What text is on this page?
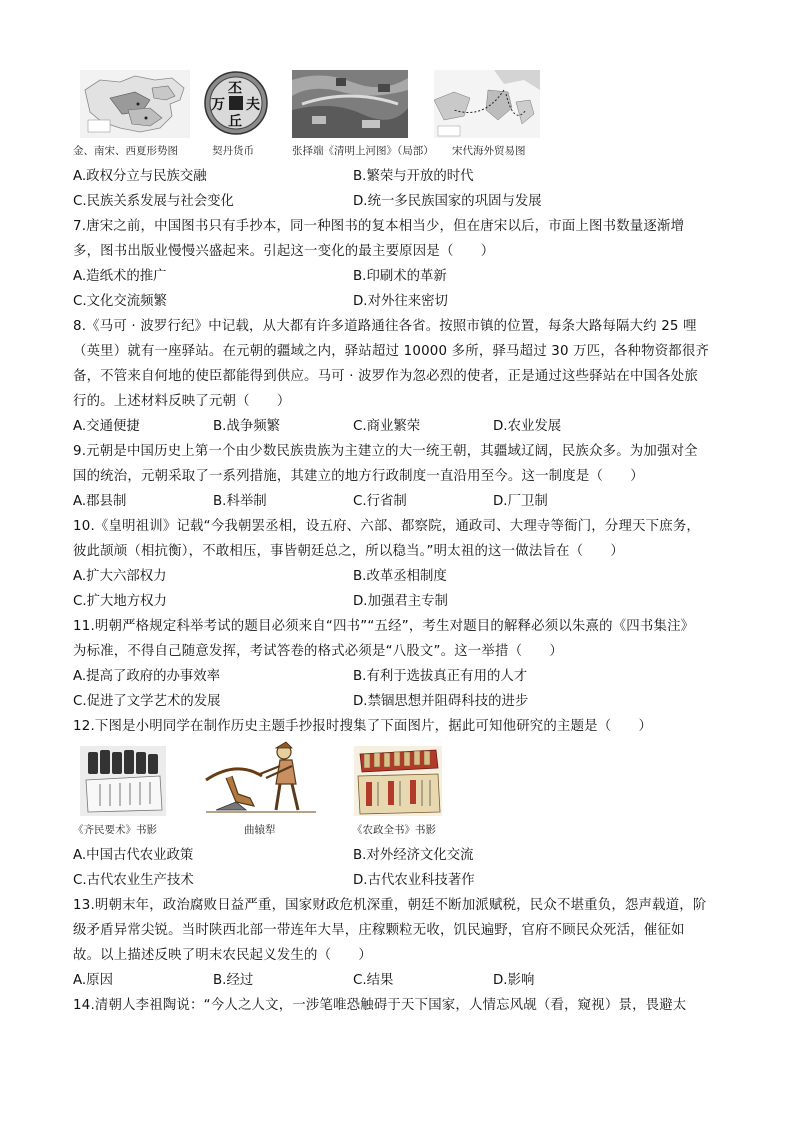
金、南宋、西夏形势图
丕
夫
万
丘
契丹货币	张择端《清明上河图》（局部） 宋代海外贸易图
A.政权分立与民族交融	B.繁荣与开放的时代
C.民族关系发展与社会变化	D.统一多民族国家的巩固与发展
7.唐宋之前，中国图书只有手抄本，同一种图书的复本相当少，但在唐宋以后，市面上图书数量逐渐增
多，图书出版业慢慢兴盛起来。引起这一变化的最主要原因是（　　）
A.造纸术的推广	B.印刷术的革新
C.文化交流频繁	D.对外往来密切
8.《马可 · 波罗行纪》中记载，从大都有许多道路通往各省。按照市镇的位置，每条大路每隔大约 25 哩
（英里）就有一座驿站。在元朝的疆域之内，驿站超过 10000 多所，驿马超过 30 万匹，各种物资都很齐
备，不管来自何地的使臣都能得到供应。马可 · 波罗作为忽必烈的使者，正是通过这些驿站在中国各处旅
行的。上述材料反映了元朝（　　）
A.交通便捷	B.战争频繁	C.商业繁荣	D.农业发展
9.元朝是中国历史上第一个由少数民族贵族为主建立的大一统王朝，其疆域辽阔，民族众多。为加强对全
国的统治，元朝采取了一系列措施，其建立的地方行政制度一直沿用至今。这一制度是（　　）
A.郡县制	B.科举制	C.行省制	D.厂卫制
10.《皇明祖训》记载“今我朝罢丞相，设五府、六部、都察院，通政司、大理寺等衙门，分理天下庶务，
彼此颉颃（相抗衡），不敢相压，事皆朝廷总之，所以稳当。”明太祖的这一做法旨在（　　）
A.扩大六部权力	B.改革丞相制度
C.扩大地方权力	D.加强君主专制
11.明朝严格规定科举考试的题目必须来自“四书”“五经”，考生对题目的解释必须以朱熹的《四书集注》
为标准，不得自己随意发挥，考试答卷的格式必须是“八股文”。这一举措（　　）
A.提高了政府的办事效率	B.有利于选拔真正有用的人才
C.促进了文学艺术的发展	D.禁锢思想并阻碍科技的进步
12.下图是小明同学在制作历史主题手抄报时搜集了下面图片，据此可知他研究的主题是（　　）
《齐民要术》书影	曲辕犁	《农政全书》书影
A.中国古代农业政策	B.对外经济文化交流
C.古代农业生产技术	D.古代农业科技著作
13.明朝末年，政治腐败日益严重，国家财政危机深重，朝廷不断加派赋税，民众不堪重负，怨声载道，阶
级矛盾异常尖锐。当时陕西北部一带连年大旱，庄稼颗粒无收，饥民遍野，官府不顾民众死活，催征如
故。以上描述反映了明末农民起义发生的（　　）
A.原因	B.经过	C.结果	D.影响
14.清朝人李祖陶说：“今人之人文，一涉笔唯恐触碍于天下国家，人情忘风觇（看，窥视）景，畏避太
